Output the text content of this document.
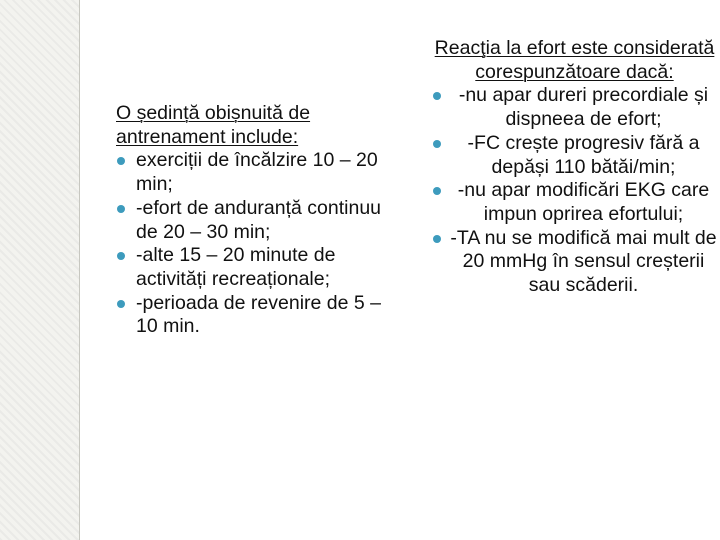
O ședință obișnuită de antrenament include:

exerciții de încălzire 10 – 20 min;
-efort de anduranță continuu de 20 – 30 min;
-alte 15 – 20 minute de activități recreaționale;
-perioada de revenire de 5 – 10 min.

Reacţia la efort este considerată corespunzătoare dacă:

-nu apar dureri precordiale și dispneea de efort;
-FC crește progresiv fără a depăși 110 bătăi/min;
-nu apar modificări EKG care impun oprirea efortului;
-TA nu se modifică mai mult de 20 mmHg în sensul creșterii sau scăderii.
